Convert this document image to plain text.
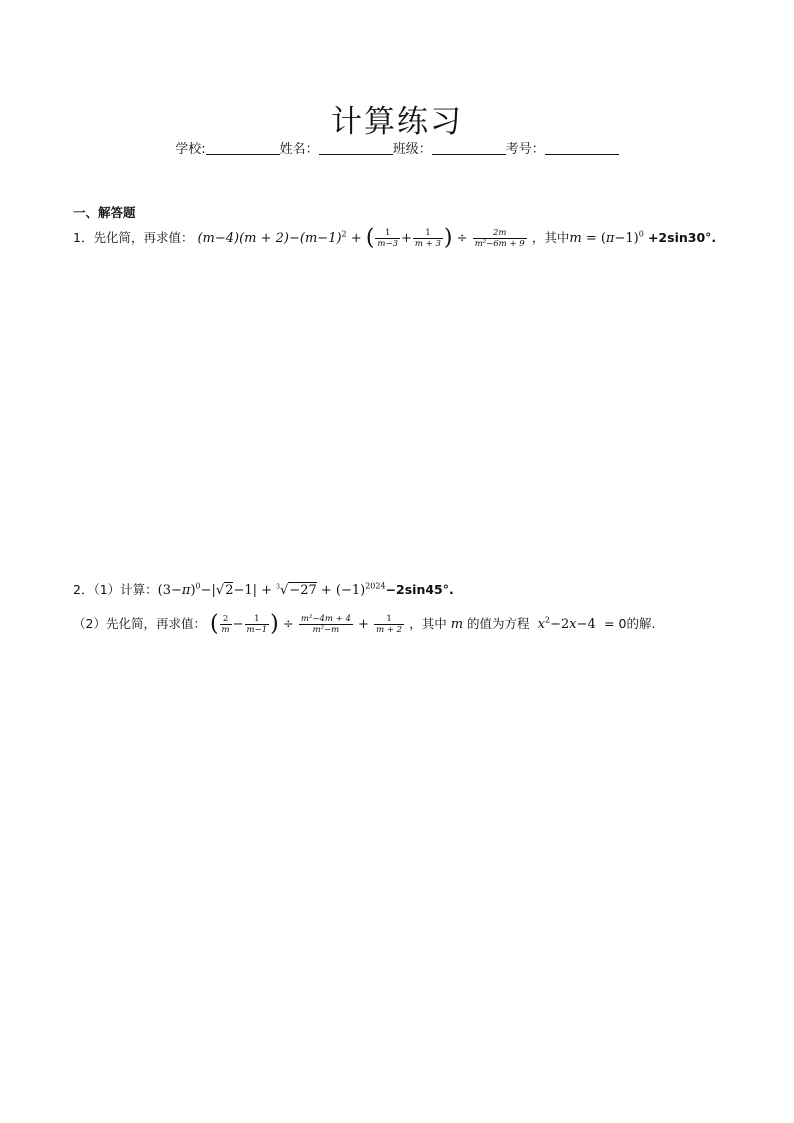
计算练习
学校:	姓名：	班级：	考号：
一、解答题
1．先化简，再求值： $(m-4)(m + 2)-(m-1)^2$ + ( $\frac{1}{m-3} + \frac{1}{m + 3}$ ) ÷ $\frac{2m}{\text{m²−6m + 9}}$ ，其中$m = (\pi-1)^0 +2\sin 30^\circ$.
2．（1）计算：$(3-\pi)^0-|√2-1| + ^3√-27 + (-1)^{2024}-2\sin 45^\circ$.
（2）先化简，再求值： ( $\frac{2}{m} - \frac{1}{m-1}$ ) ÷ $\frac{\text{m²−4m + 4}}{\text{m²−m}} + \frac{1}{m + 2}$ ，其中 m 的值为方程 $x^2-2x-4 = 0$的解.
